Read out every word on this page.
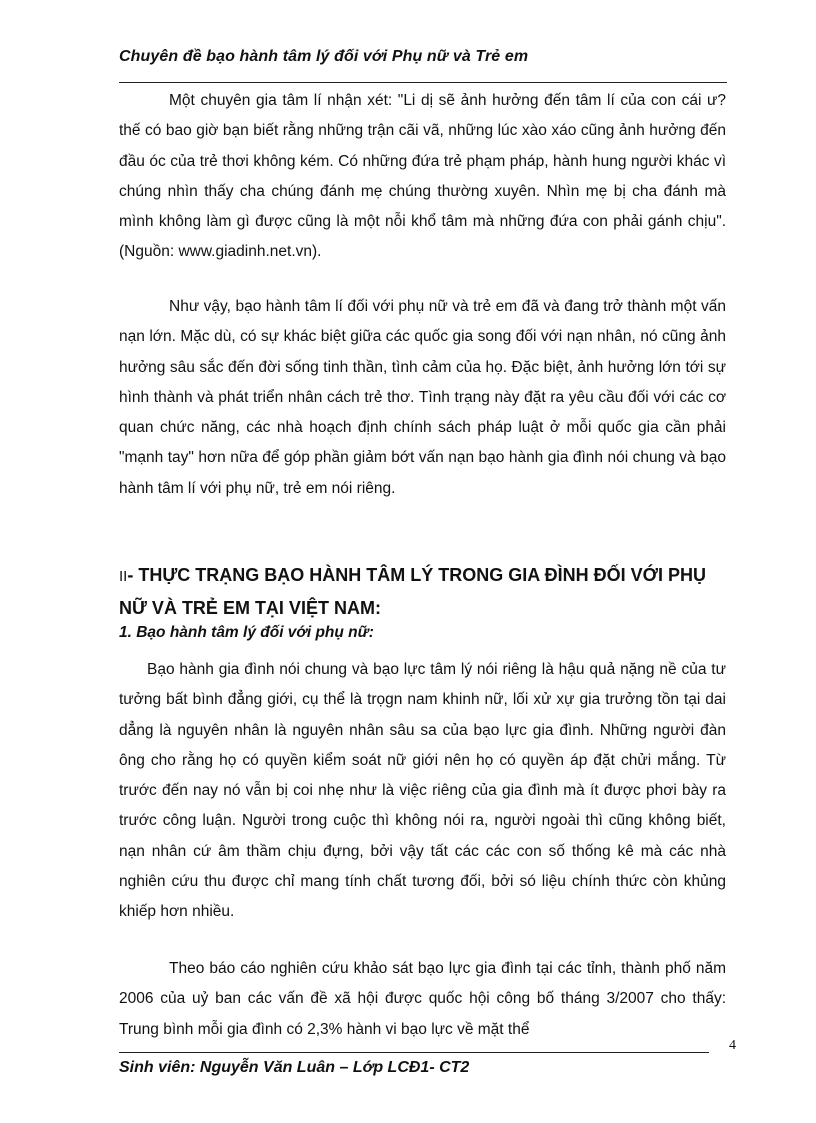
Chuyên đề bạo hành tâm lý đối với Phụ nữ và Trẻ em

Một chuyên gia tâm lí nhận xét: "Li dị sẽ ảnh hưởng đến tâm lí của con cái ư? thế có bao giờ bạn biết rằng những trận cãi vã, những lúc xào xáo cũng ảnh hưởng đến đầu óc của trẻ thơi không kém. Có những đứa trẻ phạm pháp, hành hung người khác vì chúng nhìn thấy cha chúng đánh mẹ chúng thường xuyên. Nhìn mẹ bị cha đánh mà mình không làm gì được cũng là một nỗi khổ tâm mà những đứa con phải gánh chịu". (Nguồn: www.giadinh.net.vn).

Như vậy, bạo hành tâm lí đối với phụ nữ và trẻ em đã và đang trở thành một vấn nạn lớn. Mặc dù, có sự khác biệt giữa các quốc gia song đối với nạn nhân, nó cũng ảnh hưởng sâu sắc đến đời sống tinh thần, tình cảm của họ. Đặc biệt, ảnh hưởng lớn tới sự hình thành và phát triển nhân cách trẻ thơ. Tình trạng này đặt ra yêu cầu đối với các cơ quan chức năng, các nhà hoạch định chính sách pháp luật ở mỗi quốc gia cần phải "mạnh tay" hơn nữa để góp phần giảm bớt vấn nạn bạo hành gia đình nói chung và bạo hành tâm lí với phụ nữ, trẻ em nói riêng.

II- THỰC TRẠNG BẠO HÀNH TÂM LÝ TRONG GIA ĐÌNH ĐỐI VỚI PHỤ NỮ VÀ TRẺ EM TẠI VIỆT NAM:
1. Bạo hành tâm lý đối với phụ nữ:

Bạo hành gia đình nói chung và bạo lực tâm lý nói riêng là hậu quả nặng nề của tư tưởng bất bình đẳng giới, cụ thể là trọgn nam khinh nữ, lối xử xự gia trưởng tồn tại dai dẳng là nguyên nhân là nguyên nhân sâu sa của bạo lực gia đình. Những người đàn ông cho rằng họ có quyền kiểm soát nữ giới nên họ có quyền áp đặt chửi mắng. Từ trước đến nay nó vẫn bị coi nhẹ như là việc riêng của gia đình mà ít được phơi bày ra trước công luận. Người trong cuộc thì không nói ra, người ngoài thì cũng không biết, nạn nhân cứ âm thầm chịu đựng, bởi vậy tất các các con số thống kê mà các nhà nghiên cứu thu được chỉ mang tính chất tương đối, bởi só liệu chính thức còn khủng khiếp hơn nhiều.

Theo báo cáo nghiên cứu khảo sát bạo lực gia đình tại các tỉnh, thành phố năm 2006 của uỷ ban các vấn đề xã hội được quốc hội công bố tháng 3/2007 cho thấy: Trung bình mỗi gia đình có 2,3% hành vi bạo lực về mặt thể

4
Sinh viên: Nguyễn Văn Luân – Lớp LCĐ1- CT2
